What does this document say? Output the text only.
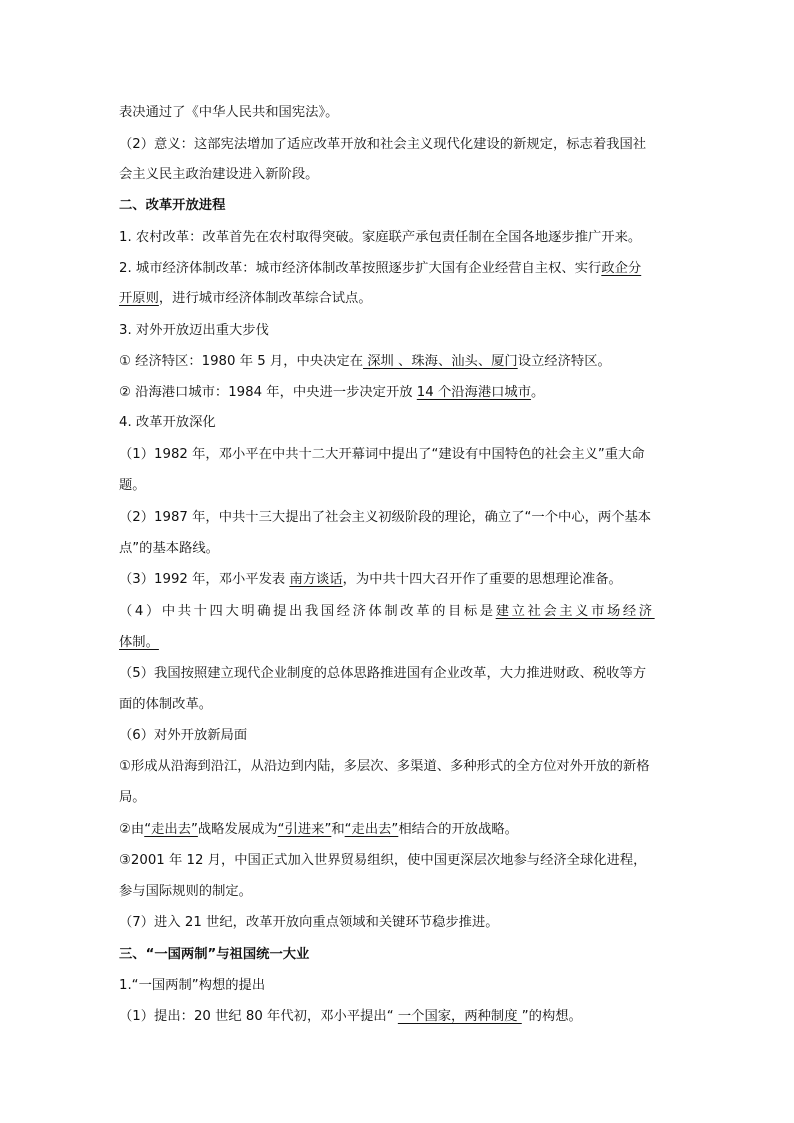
表决通过了《中华人民共和国宪法》。
（2）意义：这部宪法增加了适应改革开放和社会主义现代化建设的新规定，标志着我国社
会主义民主政治建设进入新阶段。
二、改革开放进程
1. 农村改革：改革首先在农村取得突破。家庭联产承包责任制在全国各地逐步推广开来。
2. 城市经济体制改革：城市经济体制改革按照逐步扩大国有企业经营自主权、实行政企分
开原则，进行城市经济体制改革综合试点。
3. 对外开放迈出重大步伐
① 经济特区：1980 年 5 月，中央决定在 深圳 、珠海、汕头、厦门设立经济特区。
② 沿海港口城市：1984 年，中央进一步决定开放 14 个沿海港口城市。
4. 改革开放深化
（1）1982 年，邓小平在中共十二大开幕词中提出了“建设有中国特色的社会主义”重大命
题。
（2）1987 年，中共十三大提出了社会主义初级阶段的理论，确立了“一个中心，两个基本
点”的基本路线。
（3）1992 年，邓小平发表 南方谈话，为中共十四大召开作了重要的思想理论准备。
（4）中共十四大明确提出我国经济体制改革的目标是建立社会主义市场经济
体制。
（5）我国按照建立现代企业制度的总体思路推进国有企业改革，大力推进财政、税收等方
面的体制改革。
（6）对外开放新局面
①形成从沿海到沿江，从沿边到内陆，多层次、多渠道、多种形式的全方位对外开放的新格
局。
②由“走出去”战略发展成为“引进来”和“走出去”相结合的开放战略。
③2001 年 12 月，中国正式加入世界贸易组织，使中国更深层次地参与经济全球化进程，
参与国际规则的制定。
（7）进入 21 世纪，改革开放向重点领域和关键环节稳步推进。
三、“一国两制”与祖国统一大业
1.“一国两制”构想的提出
（1）提出：20 世纪 80 年代初，邓小平提出“ 一个国家，两种制度 ”的构想。
